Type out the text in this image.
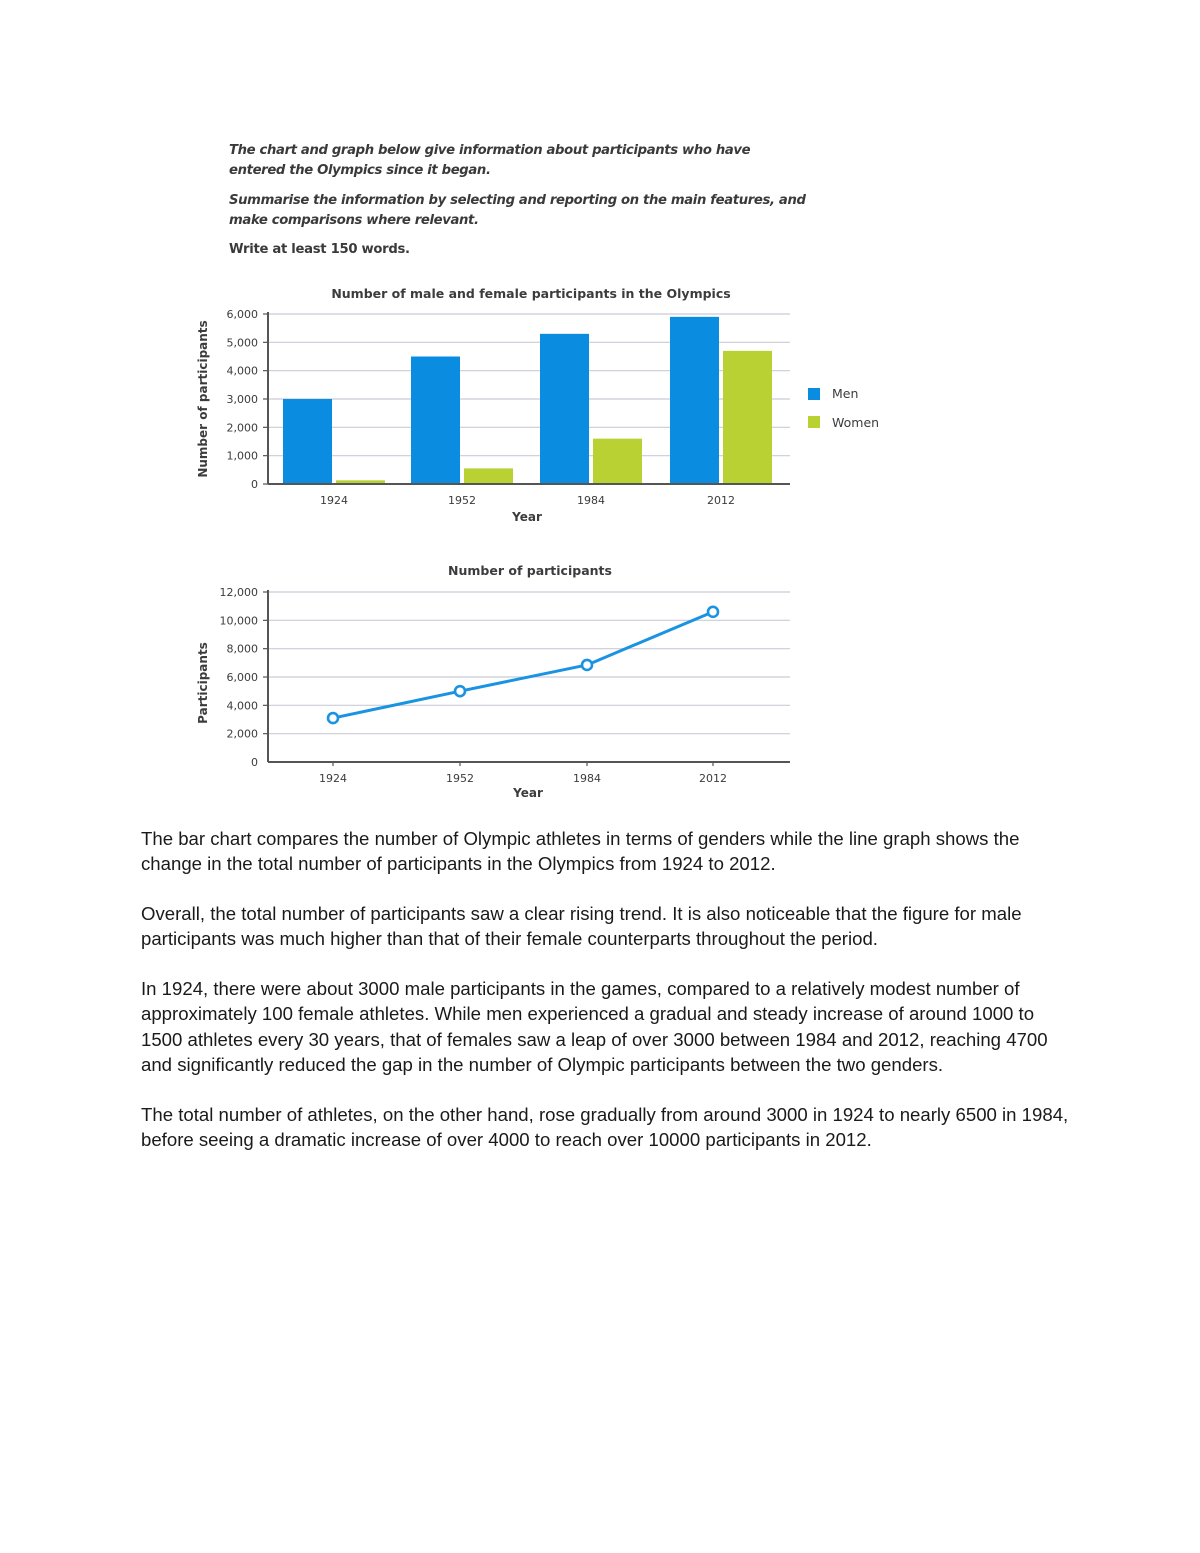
The chart and graph below give information about participants who have entered the Olympics since it began.

Summarise the information by selecting and reporting on the main features, and make comparisons where relevant.

Write at least 150 words.

Number of male and female participants in the Olympics
0
1,000
2,000
3,000
4,000
5,000
6,000
1924	1952	1984	2012
Year
Number of participants	Men
Women
Number of participants
0
2,000
4,000
6,000
8,000
10,000
12,000
1924	1952	1984	2012
Year
Participants

The bar chart compares the number of Olympic athletes in terms of genders while the line graph shows the change in the total number of participants in the Olympics from 1924 to 2012.

Overall, the total number of participants saw a clear rising trend. It is also noticeable that the figure for male participants was much higher than that of their female counterparts throughout the period.

In 1924, there were about 3000 male participants in the games, compared to a relatively modest number of approximately 100 female athletes. While men experienced a gradual and steady increase of around 1000 to 1500 athletes every 30 years, that of females saw a leap of over 3000 between 1984 and 2012, reaching 4700 and significantly reduced the gap in the number of Olympic participants between the two genders.

The total number of athletes, on the other hand, rose gradually from around 3000 in 1924 to nearly 6500 in 1984, before seeing a dramatic increase of over 4000 to reach over 10000 participants in 2012.
